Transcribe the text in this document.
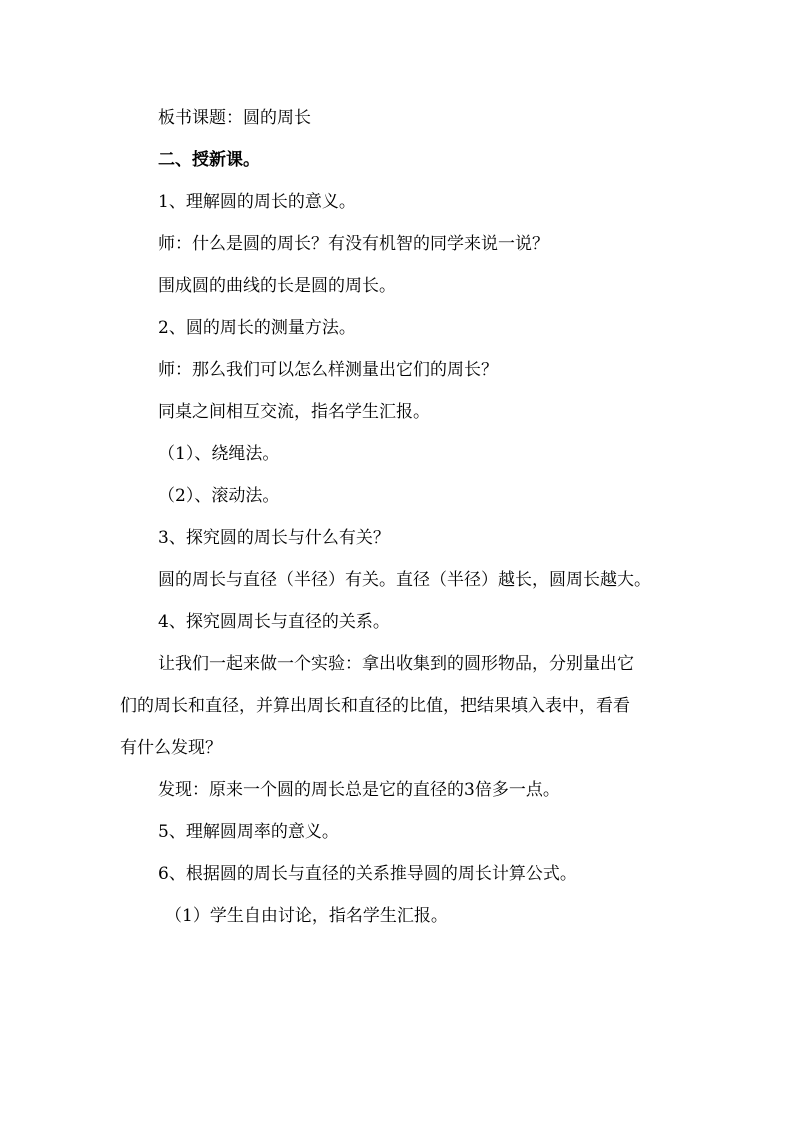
板书课题：圆的周长
二、授新课。
1、理解圆的周长的意义。
师：什么是圆的周长？有没有机智的同学来说一说？
围成圆的曲线的长是圆的周长。
2、圆的周长的测量方法。
师：那么我们可以怎么样测量出它们的周长？
同桌之间相互交流，指名学生汇报。
（1）、绕绳法。
（2）、滚动法。
3、探究圆的周长与什么有关？
圆的周长与直径（半径）有关。直径（半径）越长，圆周长越大。
4、探究圆周长与直径的关系。
让我们一起来做一个实验：拿出收集到的圆形物品，分别量出它
们的周长和直径，并算出周长和直径的比值，把结果填入表中，看看
有什么发现？
发现：原来一个圆的周长总是它的直径的3倍多一点。
5、理解圆周率的意义。
6、根据圆的周长与直径的关系推导圆的周长计算公式。
（1）学生自由讨论，指名学生汇报。
